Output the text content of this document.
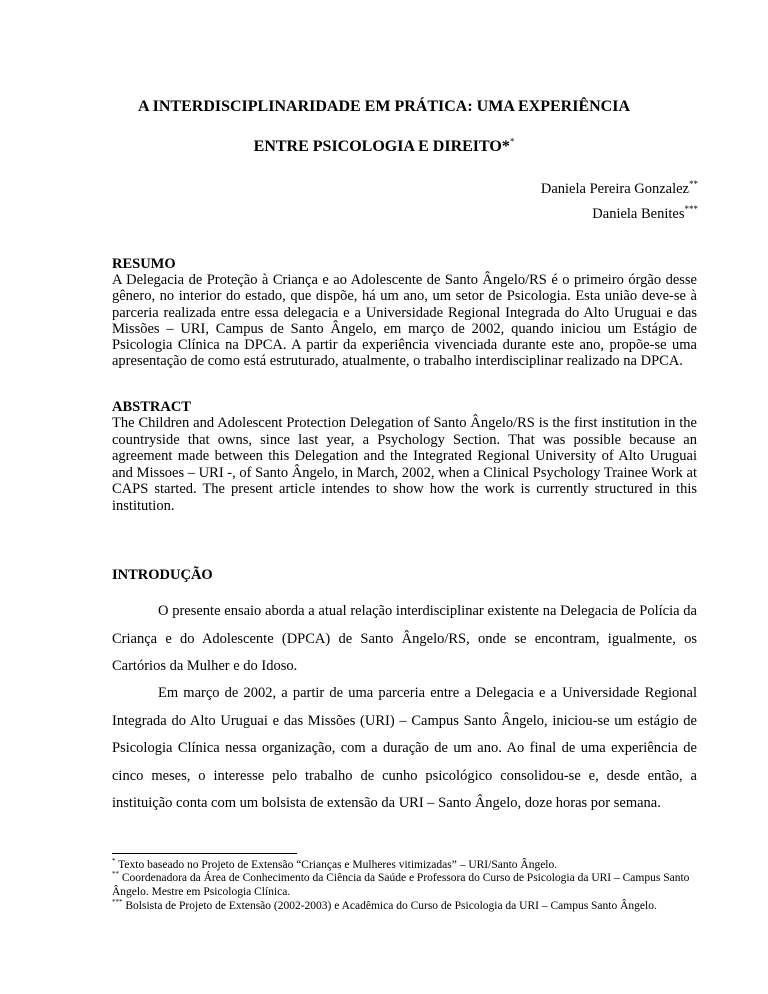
A INTERDISCIPLINARIDADE EM PRÁTICA: UMA EXPERIÊNCIA
ENTRE PSICOLOGIA E DIREITO**
Daniela Pereira Gonzalez**
Daniela Benites***
RESUMO
A Delegacia de Proteção à Criança e ao Adolescente de Santo Ângelo/RS é o primeiro órgão desse gênero, no interior do estado, que dispõe, há um ano, um setor de Psicologia. Esta união deve-se à parceria realizada entre essa delegacia e a Universidade Regional Integrada do Alto Uruguai e das Missões – URI, Campus de Santo Ângelo, em março de 2002, quando iniciou um Estágio de Psicologia Clínica na DPCA. A partir da experiência vivenciada durante este ano, propõe-se uma apresentação de como está estruturado, atualmente, o trabalho interdisciplinar realizado na DPCA.
ABSTRACT
The Children and Adolescent Protection Delegation of Santo Ângelo/RS is the first institution in the countryside that owns, since last year, a Psychology Section. That was possible because an agreement made between this Delegation and the Integrated Regional University of Alto Uruguai and Missoes – URI -, of Santo Ângelo, in March, 2002, when a Clinical Psychology Trainee Work at CAPS started. The present article intendes to show how the work is currently structured in this institution.
INTRODUÇÃO
O presente ensaio aborda a atual relação interdisciplinar existente na Delegacia de Polícia da Criança e do Adolescente (DPCA) de Santo Ângelo/RS, onde se encontram, igualmente, os Cartórios da Mulher e do Idoso.
Em março de 2002, a partir de uma parceria entre a Delegacia e a Universidade Regional Integrada do Alto Uruguai e das Missões (URI) – Campus Santo Ângelo, iniciou-se um estágio de Psicologia Clínica nessa organização, com a duração de um ano. Ao final de uma experiência de cinco meses, o interesse pelo trabalho de cunho psicológico consolidou-se e, desde então, a instituição conta com um bolsista de extensão da URI – Santo Ângelo, doze horas por semana.
* Texto baseado no Projeto de Extensão “Crianças e Mulheres vitimizadas” – URI/Santo Ângelo.
** Coordenadora da Área de Conhecimento da Ciência da Saúde e Professora do Curso de Psicologia da URI – Campus Santo Ângelo. Mestre em Psicologia Clínica.
*** Bolsista de Projeto de Extensão (2002-2003) e Acadêmica do Curso de Psicologia da URI – Campus Santo Ângelo.
